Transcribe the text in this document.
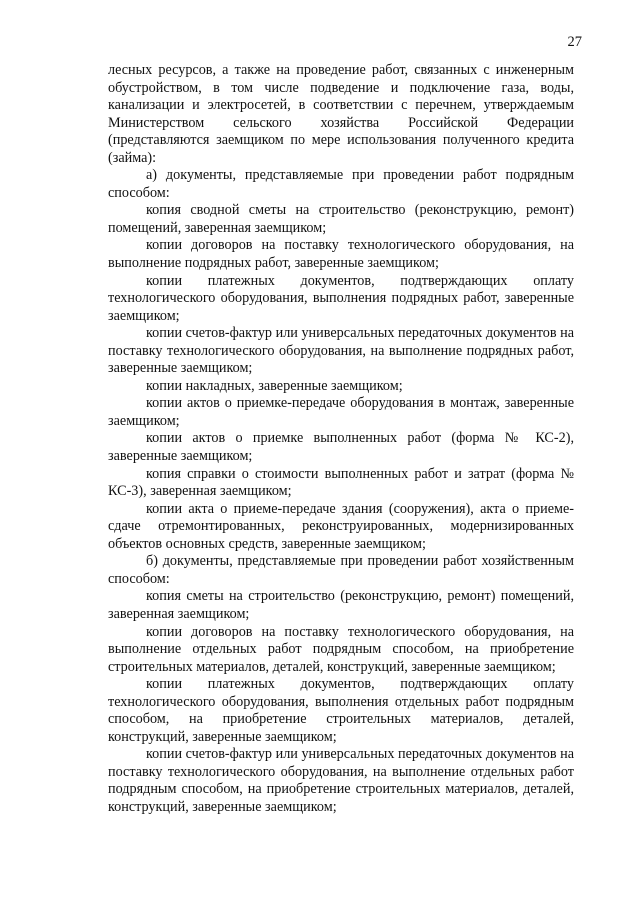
27

лесных ресурсов, а также на проведение работ, связанных с инженерным обустройством, в том числе подведение и подключение газа, воды, канализации и электросетей, в соответствии с перечнем, утверждаемым Министерством сельского хозяйства Российской Федерации (представляются заемщиком по мере использования полученного кредита (займа):

а) документы, представляемые при проведении работ подрядным способом:

копия сводной сметы на строительство (реконструкцию, ремонт) помещений, заверенная заемщиком;

копии договоров на поставку технологического оборудования, на выполнение подрядных работ, заверенные заемщиком;

копии платежных документов, подтверждающих оплату технологического оборудования, выполнения подрядных работ, заверенные заемщиком;

копии счетов-фактур или универсальных передаточных документов на поставку технологического оборудования, на выполнение подрядных работ, заверенные заемщиком;

копии накладных, заверенные заемщиком;

копии актов о приемке-передаче оборудования в монтаж, заверенные заемщиком;

копии актов о приемке выполненных работ (форма № КС-2), заверенные заемщиком;

копия справки о стоимости выполненных работ и затрат (форма № КС-3), заверенная заемщиком;

копии акта о приеме-передаче здания (сооружения), акта о приеме-сдаче отремонтированных, реконструированных, модернизированных объектов основных средств, заверенные заемщиком;

б) документы, представляемые при проведении работ хозяйственным способом:

копия сметы на строительство (реконструкцию, ремонт) помещений, заверенная заемщиком;

копии договоров на поставку технологического оборудования, на выполнение отдельных работ подрядным способом, на приобретение строительных материалов, деталей, конструкций, заверенные заемщиком;

копии платежных документов, подтверждающих оплату технологического оборудования, выполнения отдельных работ подрядным способом, на приобретение строительных материалов, деталей, конструкций, заверенные заемщиком;

копии счетов-фактур или универсальных передаточных документов на поставку технологического оборудования, на выполнение отдельных работ подрядным способом, на приобретение строительных материалов, деталей, конструкций, заверенные заемщиком;
